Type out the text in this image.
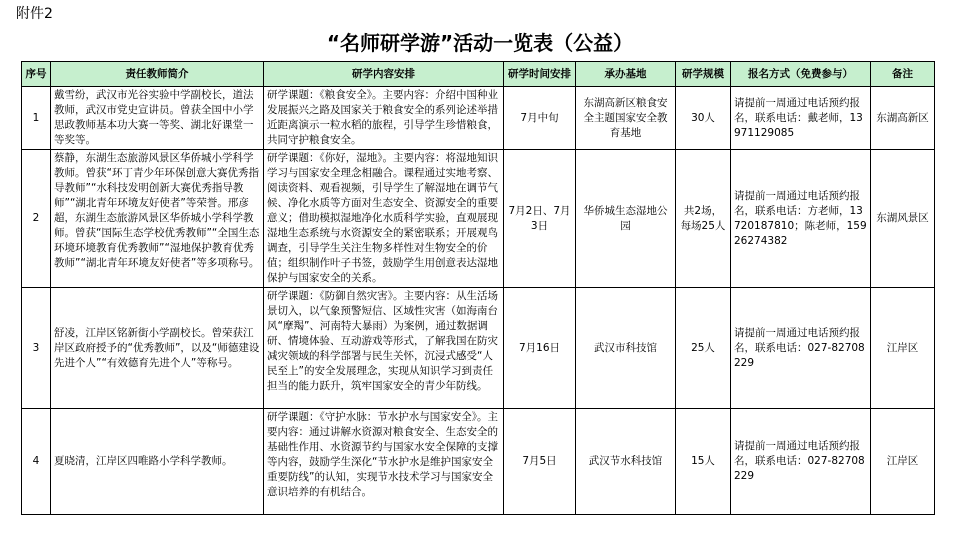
附件2
“名师研学游”活动一览表（公益）
序号	责任教师简介	研学内容安排	研学时间安排	承办基地	研学规模	报名方式（免费参与）	备注
1	戴雪纷，武汉市光谷实验中学副校长，道法教师，武汉市党史宣讲员。曾获全国中小学思政教师基本功大赛一等奖、湖北好课堂一等奖等。	研学课题：《粮食安全》。主要内容：介绍中国种业发展振兴之路及国家关于粮食安全的系列论述举措近距离演示一粒水稻的旅程，引导学生珍惜粮食，共同守护粮食安全。	7月中旬	东湖高新区粮食安全主题国家安全教育基地	30人	请提前一周通过电话预约报名，联系电话：戴老师，13971129085	东湖高新区
2	蔡静，东湖生态旅游风景区华侨城小学科学教师。曾获“环丁青少年环保创意大赛优秀指导教师”“水科技发明创新大赛优秀指导教师”“湖北青年环境友好使者”等荣誉。邢彦超，东湖生态旅游风景区华侨城小学科学教师。曾获“国际生态学校优秀教师”“全国生态环境环境教育优秀教师”“湿地保护教育优秀教师”“湖北青年环境友好使者”等多项称号。	研学课题：《你好，湿地》。主要内容：将湿地知识学习与国家安全理念相融合。课程通过实地考察、阅读资料、观看视频，引导学生了解湿地在调节气候、净化水质等方面对生态安全、资源安全的重要意义；借助模拟湿地净化水质科学实验，直观展现湿地生态系统与水资源安全的紧密联系；开展观鸟调查，引导学生关注生物多样性对生物安全的价值；组织制作叶子书签，鼓励学生用创意表达湿地保护与国家安全的关系。	7月2日、7月3日	华侨城生态湿地公园	共2场，每场25人	请提前一周通过电话预约报名，联系电话：方老师，13720187810；陈老师，15926274382	东湖风景区
3	舒凌，江岸区铭新街小学副校长。曾荣获江岸区政府授予的“优秀教师”，以及“师德建设先进个人”“有效德育先进个人”等称号。	研学课题：《防御自然灾害》。主要内容：从生活场景切入，以气象预警短信、区域性灾害（如海南台风“摩羯”、河南特大暴雨）为案例，通过数据调研、情境体验、互动游戏等形式，了解我国在防灾减灾领域的科学部署与民生关怀，沉浸式感受“人民至上”的安全发展理念，实现从知识学习到责任担当的能力跃升，筑牢国家安全的青少年防线。	7月16日	武汉市科技馆	25人	请提前一周通过电话预约报名，联系电话：027-82708229	江岸区
4	夏晓清，江岸区四唯路小学科学教师。	研学课题：《守护水脉：节水护水与国家安全》。主要内容：通过讲解水资源对粮食安全、生态安全的基础性作用、水资源节约与国家水安全保障的支撑等内容，鼓励学生深化“节水护水是维护国家安全重要防线”的认知，实现节水技术学习与国家安全意识培养的有机结合。	7月5日	武汉节水科技馆	15人	请提前一周通过电话预约报名，联系电话：027-82708229	江岸区
